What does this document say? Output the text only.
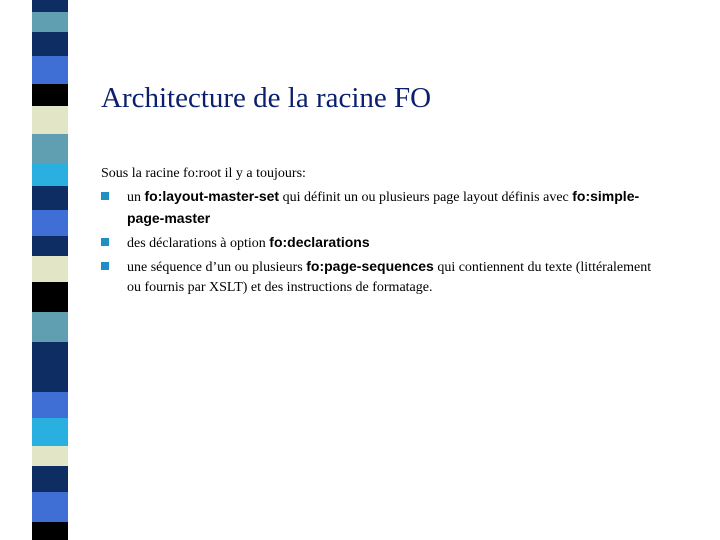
Architecture de la racine FO
Sous la racine fo:root il y a toujours:
un fo:layout-master-set qui définit un ou plusieurs page layout définis avec fo:simple-page-master
des déclarations à option fo:declarations
une séquence d’un ou plusieurs fo:page-sequences qui contiennent du texte (littéralement ou fournis par XSLT) et des instructions de formatage.
